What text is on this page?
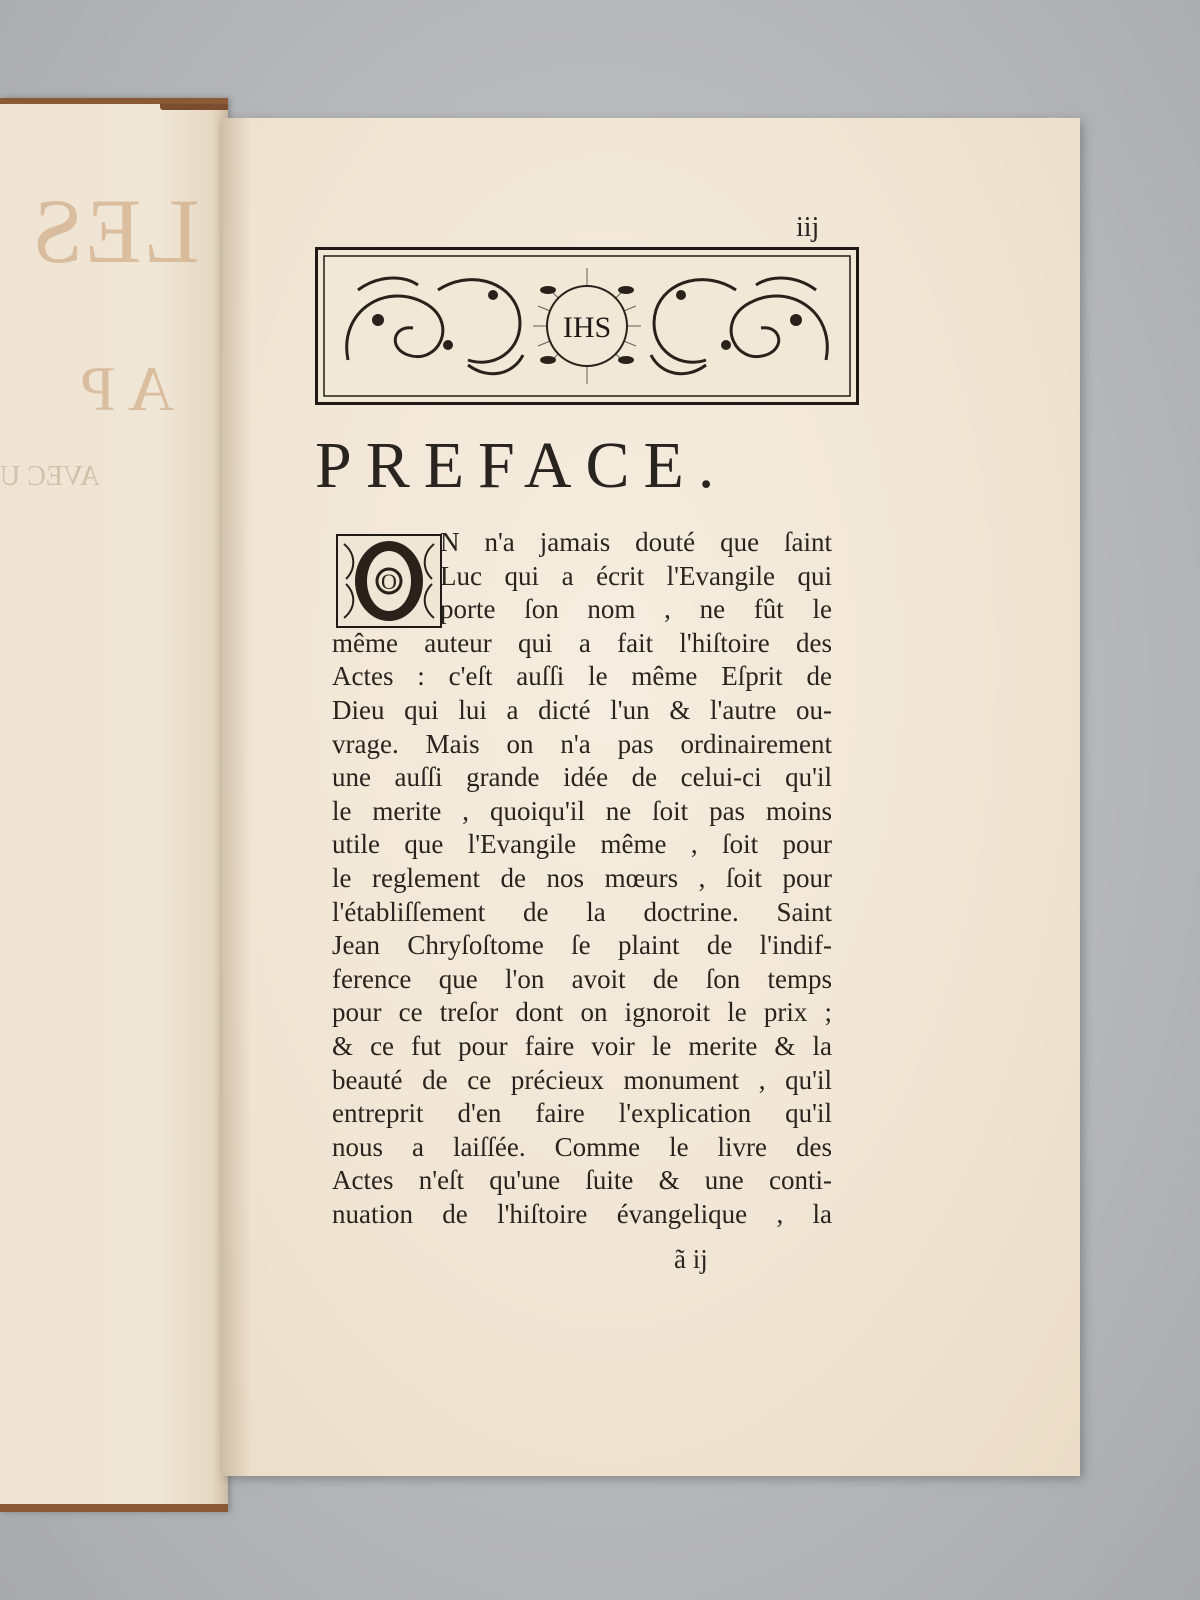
LES
A P
AVEC U
iij
IHS
PREFACE.
O
N n'a jamais douté que ſaint
Luc qui a écrit l'Evangile qui
porte ſon nom , ne fût le
même auteur qui a fait l'hiſtoire des
Actes : c'eſt auſſi le même Eſprit de
Dieu qui lui a dicté l'un & l'autre ou-
vrage. Mais on n'a pas ordinairement
une auſſi grande idée de celui-ci qu'il
le merite , quoiqu'il ne ſoit pas moins
utile que l'Evangile même , ſoit pour
le reglement de nos mœurs , ſoit pour
l'établiſſement de la doctrine. Saint
Jean Chryſoſtome ſe plaint de l'indif-
ference que l'on avoit de ſon temps
pour ce treſor dont on ignoroit le prix ;
& ce fut pour faire voir le merite & la
beauté de ce précieux monument , qu'il
entreprit d'en faire l'explication qu'il
nous a laiſſée. Comme le livre des
Actes n'eſt qu'une ſuite & une conti-
nuation de l'hiſtoire évangelique , la
ã ij
